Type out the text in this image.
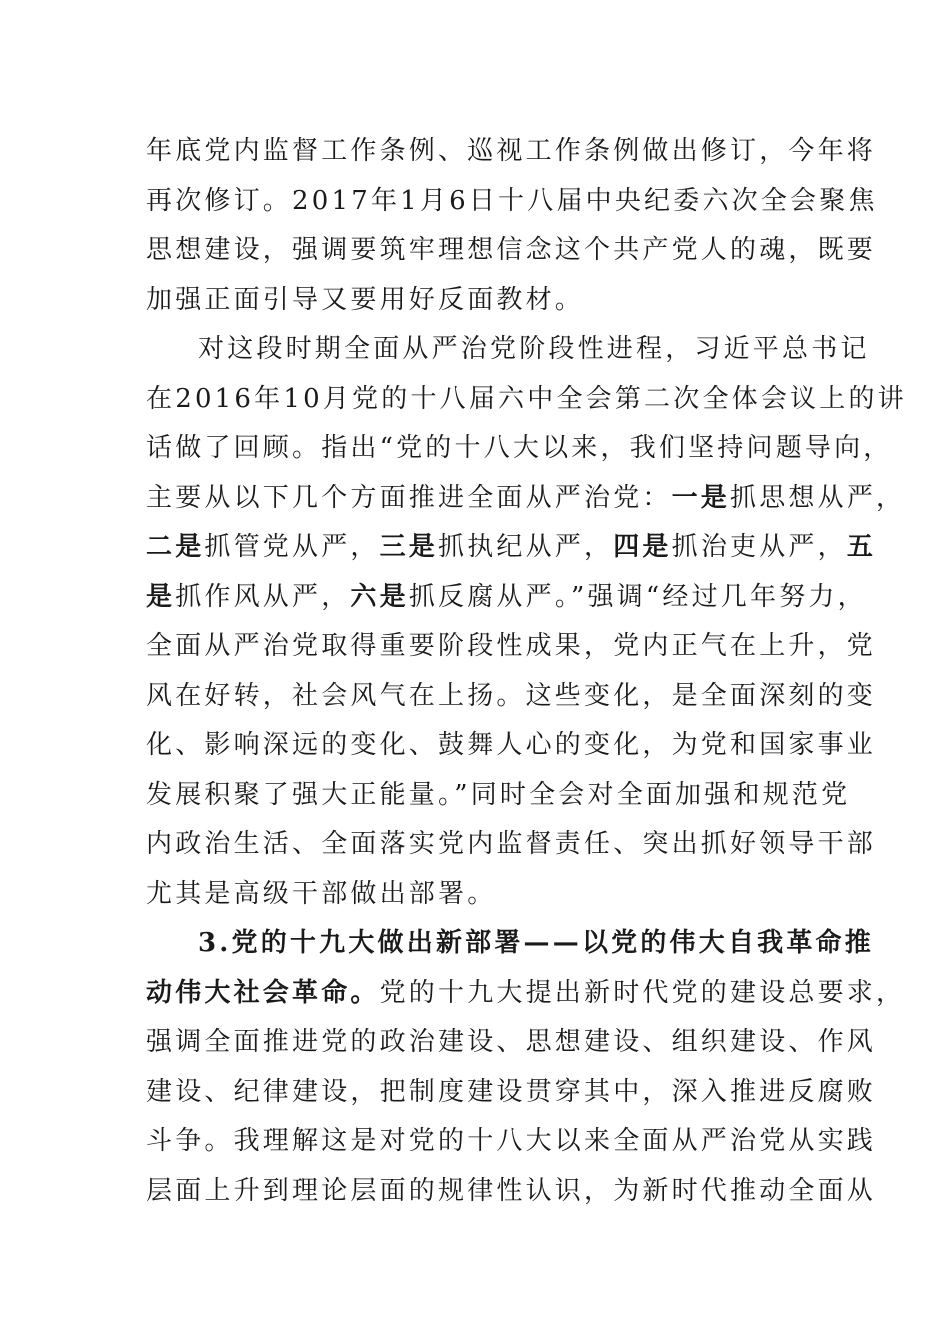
年底党内监督工作条例、巡视工作条例做出修订，今年将
再次修订。2017年1月6日十八届中央纪委六次全会聚焦
思想建设，强调要筑牢理想信念这个共产党人的魂，既要
加强正面引导又要用好反面教材。
对这段时期全面从严治党阶段性进程，习近平总书记
在2016年10月党的十八届六中全会第二次全体会议上的讲
话做了回顾。指出“党的十八大以来，我们坚持问题导向，
主要从以下几个方面推进全面从严治党：一是抓思想从严，
二是抓管党从严，三是抓执纪从严，四是抓治吏从严，五
是抓作风从严，六是抓反腐从严。”强调“经过几年努力，
全面从严治党取得重要阶段性成果，党内正气在上升，党
风在好转，社会风气在上扬。这些变化，是全面深刻的变
化、影响深远的变化、鼓舞人心的变化，为党和国家事业
发展积聚了强大正能量。”同时全会对全面加强和规范党
内政治生活、全面落实党内监督责任、突出抓好领导干部
尤其是高级干部做出部署。
3.党的十九大做出新部署——以党的伟大自我革命推
动伟大社会革命。党的十九大提出新时代党的建设总要求，
强调全面推进党的政治建设、思想建设、组织建设、作风
建设、纪律建设，把制度建设贯穿其中，深入推进反腐败
斗争。我理解这是对党的十八大以来全面从严治党从实践
层面上升到理论层面的规律性认识，为新时代推动全面从
